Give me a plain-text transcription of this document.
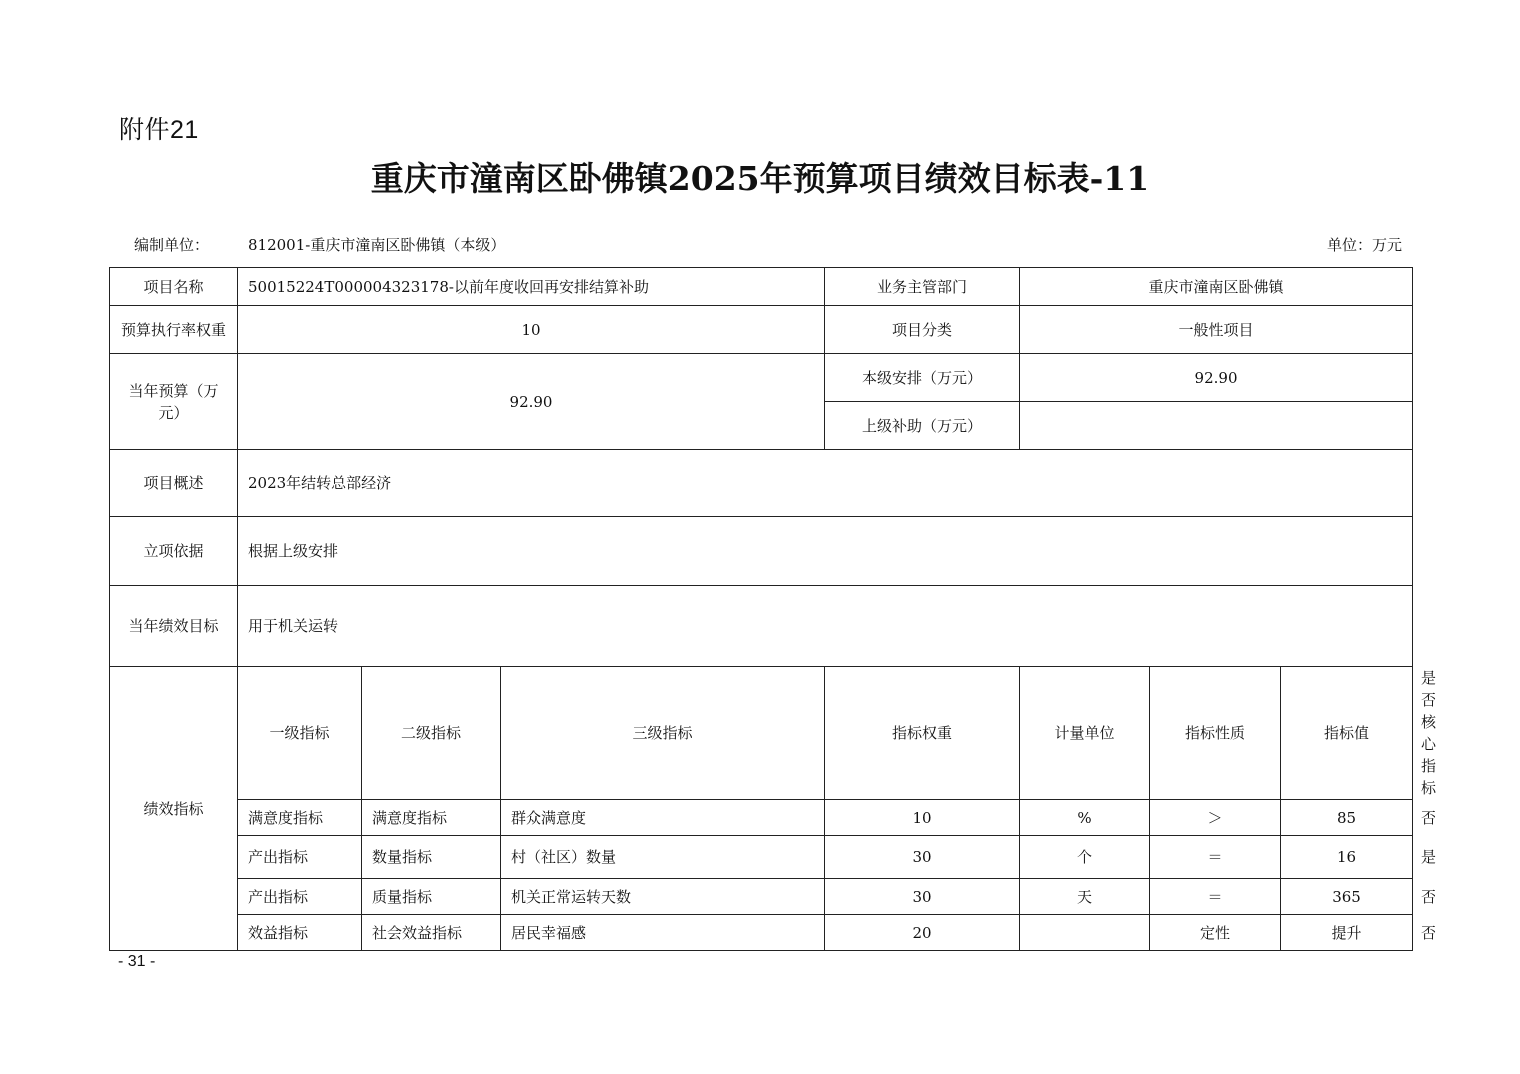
附件21
重庆市潼南区卧佛镇2025年预算项目绩效目标表-11
编制单位：	812001-重庆市潼南区卧佛镇（本级）	单位：万元
项目名称	50015224T000004323178-以前年度收回再安排结算补助			业务主管部门	重庆市潼南区卧佛镇			
预算执行率权重	10			项目分类	一般性项目			
当年预算（万元）	92.90			本级安排（万元）	92.90			
				上级补助（万元）				
项目概述	2023年结转总部经济							
立项依据	根据上级安排							
当年绩效目标	用于机关运转							
绩效指标	一级指标	二级指标	三级指标	指标权重	计量单位	指标性质	指标值	是否核心指标
	满意度指标	满意度指标	群众满意度	10	%	＞	85	否
	产出指标	数量指标	村（社区）数量	30	个	＝	16	是
	产出指标	质量指标	机关正常运转天数	30	天	＝	365	否
	效益指标	社会效益指标	居民幸福感	20		定性	提升	否
- 31 -
